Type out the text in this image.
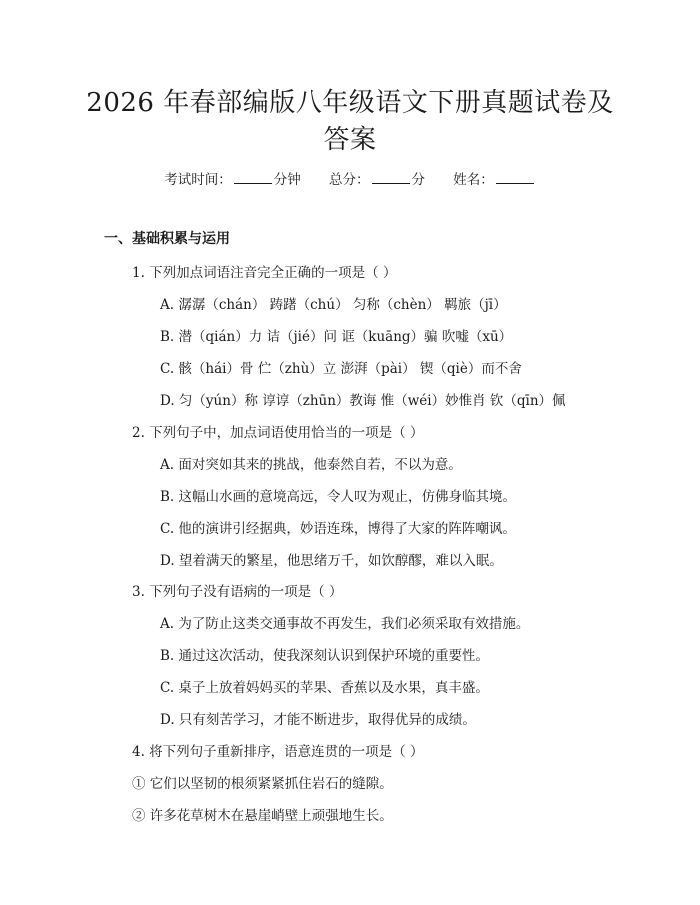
2026 年春部编版八年级语文下册真题试卷及
答案
考试时间：	分钟 总分：	分 姓名：
一、基础积累与运用
1. 下列加点词语注音完全正确的一项是（ ）
A. 潺潺（chán） 踌躇（chú） 匀称（chèn） 羁旅（jī）
B. 潜（qián）力 诘（jié）问 诓（kuāng）骗 吹嘘（xū）
C. 骸（hái）骨 伫（zhù）立 澎湃（pài） 锲（qiè）而不舍
D. 匀（yún）称 谆谆（zhūn）教诲 惟（wéi）妙惟肖 钦（qīn）佩
2. 下列句子中，加点词语使用恰当的一项是（ ）
A. 面对突如其来的挑战，他泰然自若，不以为意。
B. 这幅山水画的意境高远，令人叹为观止，仿佛身临其境。
C. 他的演讲引经据典，妙语连珠，博得了大家的阵阵嘲讽。
D. 望着满天的繁星，他思绪万千，如饮醇醪，难以入眠。
3. 下列句子没有语病的一项是（ ）
A. 为了防止这类交通事故不再发生，我们必须采取有效措施。
B. 通过这次活动，使我深刻认识到保护环境的重要性。
C. 桌子上放着妈妈买的苹果、香蕉以及水果，真丰盛。
D. 只有刻苦学习，才能不断进步，取得优异的成绩。
4. 将下列句子重新排序，语意连贯的一项是（ ）
① 它们以坚韧的根须紧紧抓住岩石的缝隙。
② 许多花草树木在悬崖峭壁上顽强地生长。
